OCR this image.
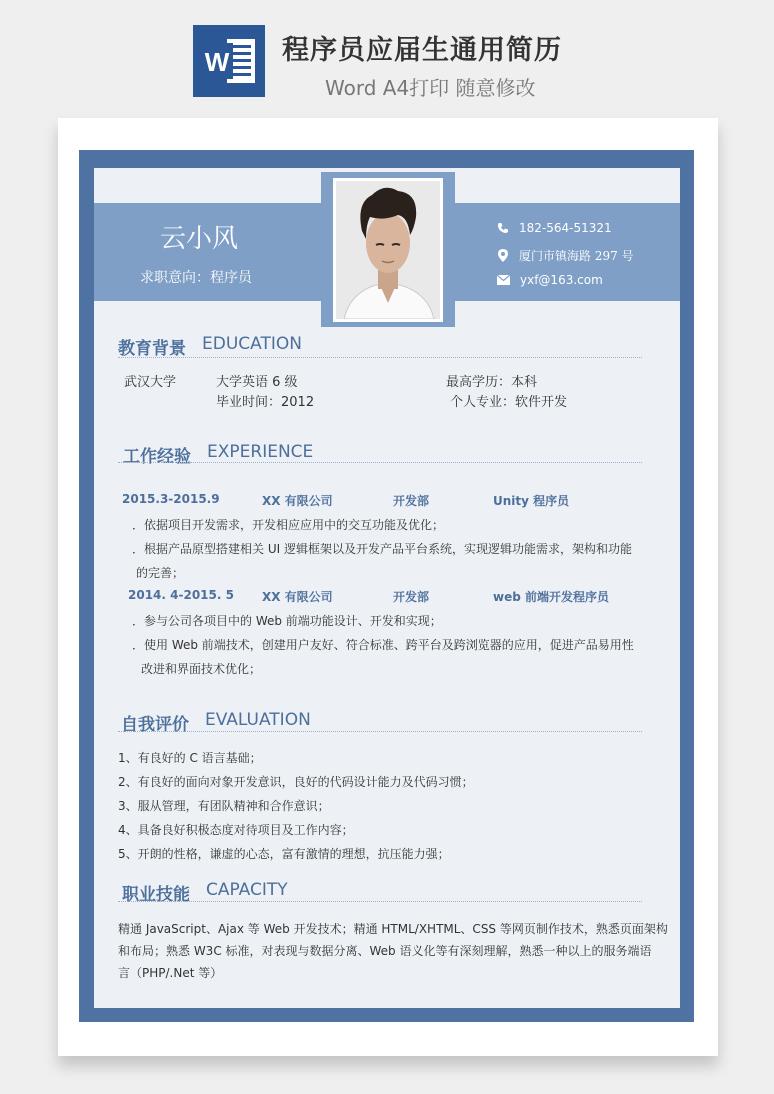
W 程序员应届生通用简历
Word A4打印 随意修改
云小风
求职意向：程序员
182-564-51321
厦门市镇海路 297 号
yxf@163.com
教育背景 EDUCATION
武汉大学	大学英语 6 级	最高学历：本科
毕业时间：2012	个人专业：软件开发
工作经验 EXPERIENCE
2015.3-2015.9	XX 有限公司	开发部	Unity 程序员
．依据项目开发需求，开发相应应用中的交互功能及优化；
．根据产品原型搭建相关 UI 逻辑框架以及开发产品平台系统，实现逻辑功能需求，架构和功能
的完善；
2014. 4-2015. 5 XX 有限公司	开发部	web 前端开发程序员
．参与公司各项目中的 Web 前端功能设计、开发和实现；
．使用 Web 前端技术，创建用户友好、符合标准、跨平台及跨浏览器的应用，促进产品易用性
改进和界面技术优化；
自我评价 EVALUATION
1、有良好的 C 语言基础；
2、有良好的面向对象开发意识，良好的代码设计能力及代码习惯；
3、服从管理，有团队精神和合作意识；
4、具备良好积极态度对待项目及工作内容；
5、开朗的性格，谦虚的心态，富有激情的理想，抗压能力强；
职业技能 CAPACITY
精通 JavaScript、Ajax 等 Web 开发技术；精通 HTML/XHTML、CSS 等网页制作技术，熟悉页面架构
和布局；熟悉 W3C 标准，对表现与数据分离、Web 语义化等有深刻理解，熟悉一种以上的服务端语
言（PHP/.Net 等）
